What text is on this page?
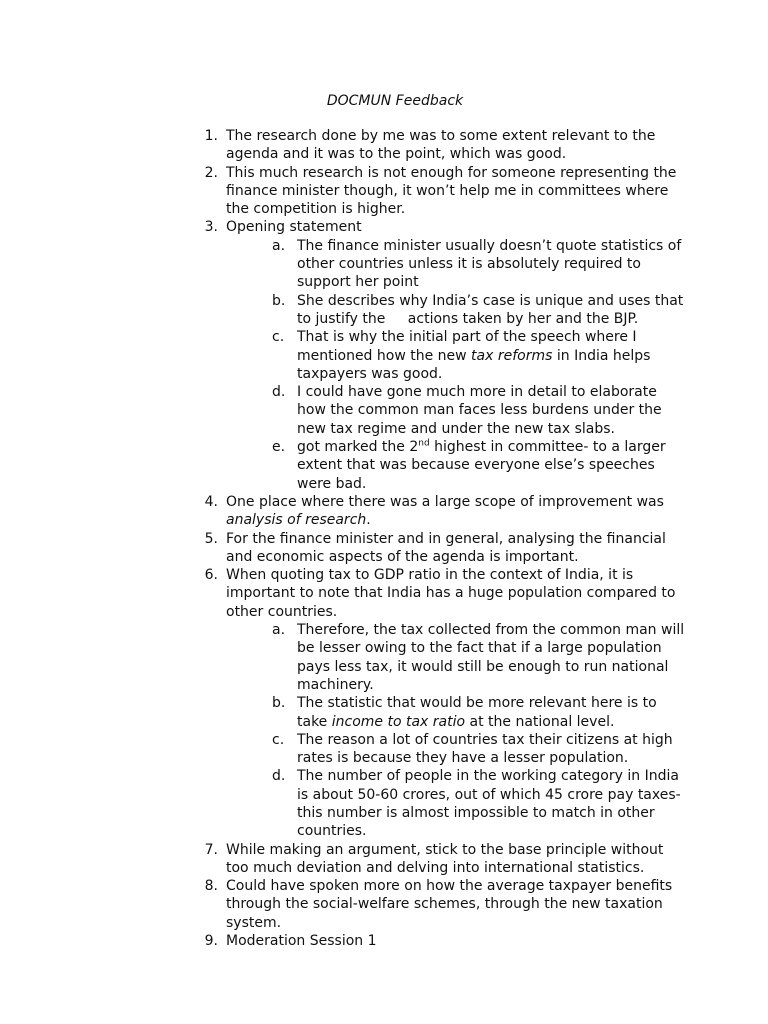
DOCMUN Feedback
1. The research done by me was to some extent relevant to the agenda and it was to the point, which was good.
2. This much research is not enough for someone representing the finance minister though, it won’t help me in committees where the competition is higher.
3. Opening statement
a. The finance minister usually doesn’t quote statistics of other countries unless it is absolutely required to support her point
b. She describes why India’s case is unique and uses that to justify the actions taken by her and the BJP.
c. That is why the initial part of the speech where I mentioned how the new tax reforms in India helps taxpayers was good.
d. I could have gone much more in detail to elaborate how the common man faces less burdens under the new tax regime and under the new tax slabs.
e. got marked the 2nd highest in committee- to a larger extent that was because everyone else’s speeches were bad.
4. One place where there was a large scope of improvement was analysis of research.
5. For the finance minister and in general, analysing the financial and economic aspects of the agenda is important.
6. When quoting tax to GDP ratio in the context of India, it is important to note that India has a huge population compared to other countries.
a. Therefore, the tax collected from the common man will be lesser owing to the fact that if a large population pays less tax, it would still be enough to run national machinery.
b. The statistic that would be more relevant here is to take income to tax ratio at the national level.
c. The reason a lot of countries tax their citizens at high rates is because they have a lesser population.
d. The number of people in the working category in India is about 50-60 crores, out of which 45 crore pay taxes- this number is almost impossible to match in other countries.
7. While making an argument, stick to the base principle without too much deviation and delving into international statistics.
8. Could have spoken more on how the average taxpayer benefits through the social-welfare schemes, through the new taxation system.
9. Moderation Session 1
